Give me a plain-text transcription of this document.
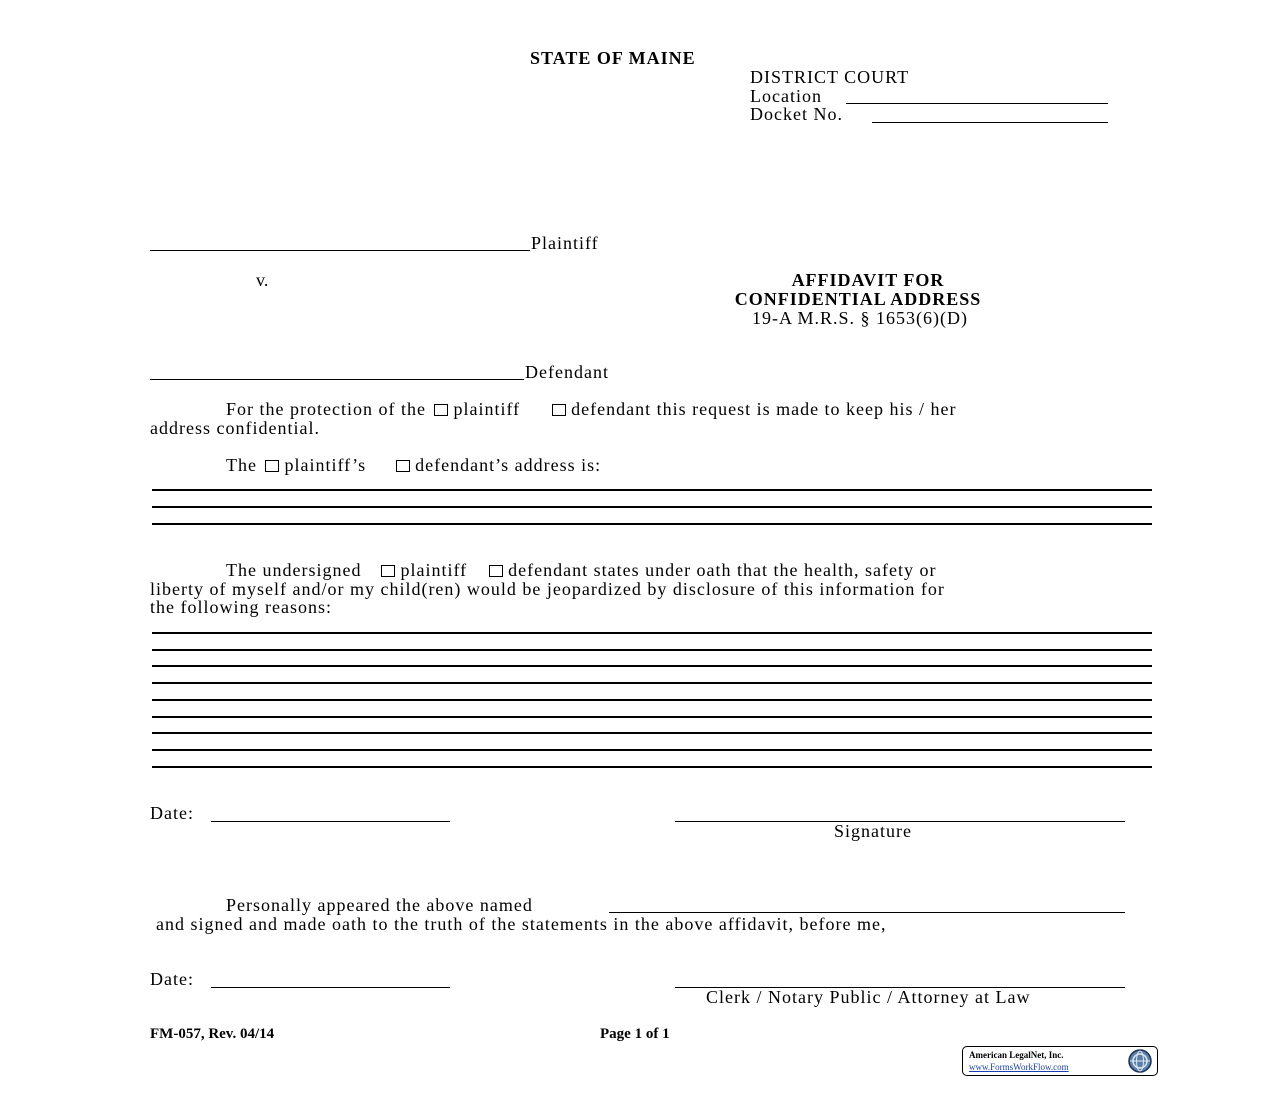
STATE OF MAINE
DISTRICT COURT
Location
Docket No.
Plaintiff
v.
Defendant
AFFIDAVIT FOR
CONFIDENTIAL ADDRESS
19-A M.R.S. § 1653(6)(D)
For the protection of the plaintiff	defendant this request is made to keep his / her
address confidential.
The plaintiff’s	defendant’s address is:
The undersigned plaintiff defendant states under oath that the health, safety or
liberty of myself and/or my child(ren) would be jeopardized by disclosure of this information for
the following reasons:
Date:
Signature
Personally appeared the above named
and signed and made oath to the truth of the statements in the above affidavit, before me,
Date:
Clerk / Notary Public / Attorney at Law
FM-057, Rev. 04/14	Page 1 of 1
American LegalNet, Inc.
www.FormsWorkFlow.com
